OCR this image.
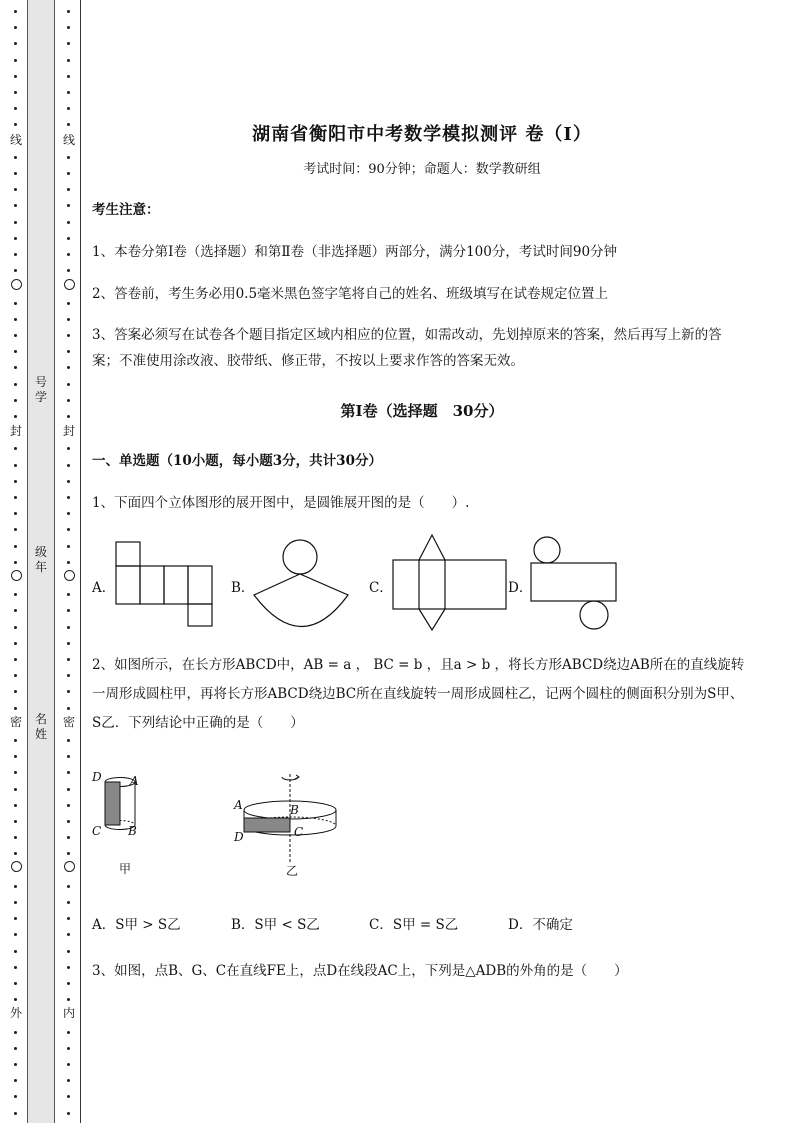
线
封
密
外
线
封
密
内
号
学
级
年
名
姓
湖南省衡阳市中考数学模拟测评 卷（Ⅰ）
考试时间：90分钟；命题人：数学教研组
考生注意：
1、本卷分第Ⅰ卷（选择题）和第Ⅱ卷（非选择题）两部分，满分100分，考试时间90分钟
2、答卷前，考生务必用0.5毫米黑色签字笔将自己的姓名、班级填写在试卷规定位置上
3、答案必须写在试卷各个题目指定区域内相应的位置，如需改动，先划掉原来的答案，然后再写上新的答案；不准使用涂改液、胶带纸、修正带，不按以上要求作答的答案无效。
第Ⅰ卷（选择题　30分）
一、单选题（10小题，每小题3分，共计30分）
1、下面四个立体图形的展开图中，是圆锥展开图的是（　　）.
A．	B．	C．	D．
2、如图所示，在长方形ABCD中，AB = a ， BC = b ，且a > b ，将长方形ABCD绕边AB所在的直线旋转一周形成圆柱甲，再将长方形ABCD绕边BC所在直线旋转一周形成圆柱乙，记两个圆柱的侧面积分别为S甲、S乙．下列结论中正确的是（　　）
D A
C B
甲
A	B
D	C
乙
A．S甲 > S乙	B．S甲 < S乙	C．S甲 = S乙	D．不确定
3、如图，点B、G、C在直线FE上，点D在线段AC上，下列是△ADB的外角的是（　　）
